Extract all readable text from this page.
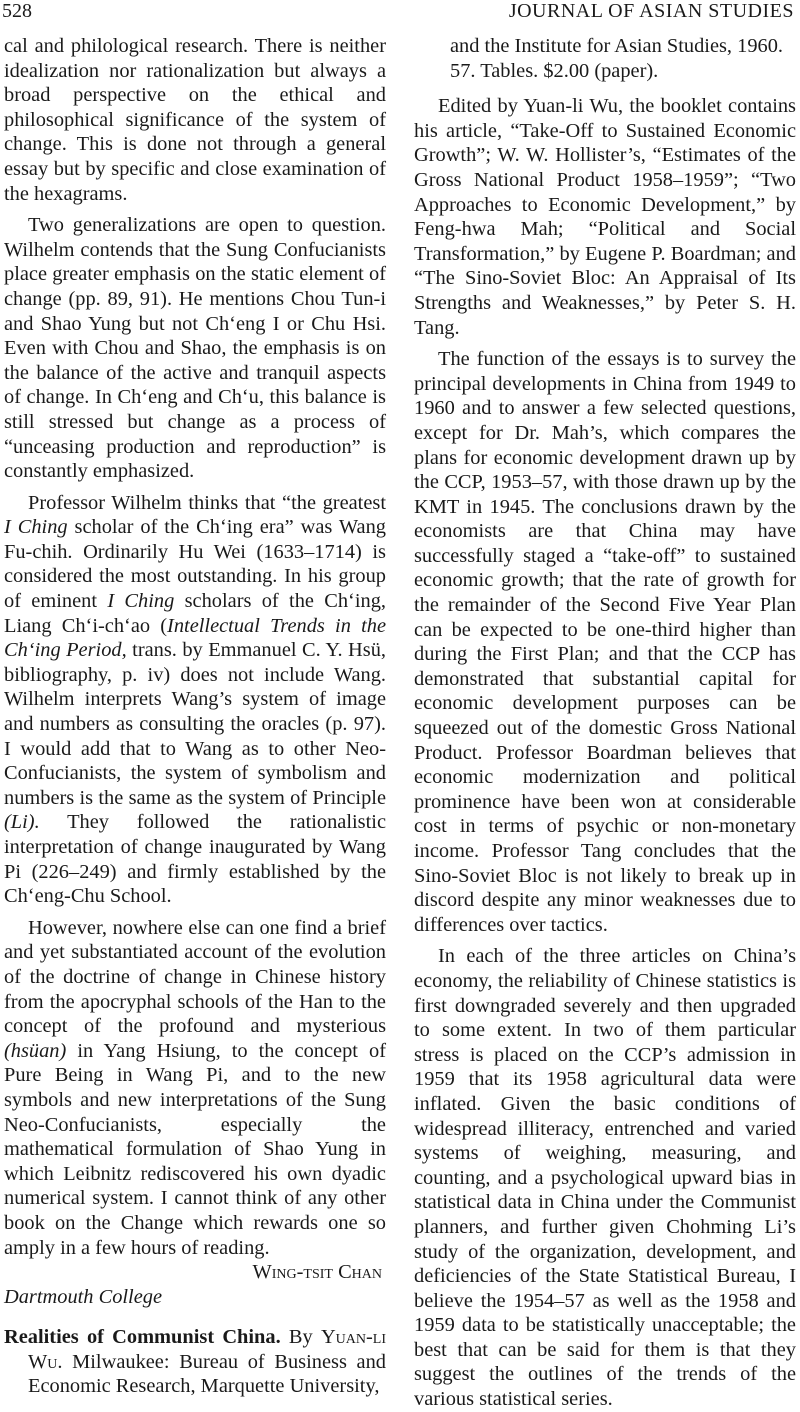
528	JOURNAL OF ASIAN STUDIES

cal and philological research. There is neither idealization nor rationalization but always a broad perspective on the ethical and philosophical significance of the system of change. This is done not through a general essay but by specific and close examination of the hexagrams.

Two generalizations are open to question. Wilhelm contends that the Sung Confucianists place greater emphasis on the static element of change (pp. 89, 91). He mentions Chou Tun-i and Shao Yung but not Ch‘eng I or Chu Hsi. Even with Chou and Shao, the emphasis is on the balance of the active and tranquil aspects of change. In Ch‘eng and Ch‘u, this balance is still stressed but change as a process of “unceasing production and reproduction” is constantly emphasized.

Professor Wilhelm thinks that “the greatest I Ching scholar of the Ch‘ing era” was Wang Fu-chih. Ordinarily Hu Wei (1633–1714) is considered the most outstanding. In his group of eminent I Ching scholars of the Ch‘ing, Liang Ch‘i-ch‘ao (Intellectual Trends in the Ch‘ing Period, trans. by Emmanuel C. Y. Hsü, bibliography, p. iv) does not include Wang. Wilhelm interprets Wang’s system of image and numbers as consulting the oracles (p. 97). I would add that to Wang as to other Neo-Confucianists, the system of symbolism and numbers is the same as the system of Principle (Li). They followed the rationalistic interpretation of change inaugurated by Wang Pi (226–249) and firmly established by the Ch‘eng-Chu School.

However, nowhere else can one find a brief and yet substantiated account of the evolution of the doctrine of change in Chinese history from the apocryphal schools of the Han to the concept of the profound and mysterious (hsüan) in Yang Hsiung, to the concept of Pure Being in Wang Pi, and to the new symbols and new interpretations of the Sung Neo-Confucianists, especially the mathematical formulation of Shao Yung in which Leibnitz rediscovered his own dyadic numerical system. I cannot think of any other book on the Change which rewards one so amply in a few hours of reading.

Wing-tsit Chan

Dartmouth College

Realities of Communist China. By Yuan-li Wu. Milwaukee: Bureau of Business and Economic Research, Marquette University,

and the Institute for Asian Studies, 1960.

57. Tables. $2.00 (paper).

Edited by Yuan-li Wu, the booklet contains his article, “Take-Off to Sustained Economic Growth”; W. W. Hollister’s, “Estimates of the Gross National Product 1958–1959”; “Two Approaches to Economic Development,” by Feng-hwa Mah; “Political and Social Transformation,” by Eugene P. Boardman; and “The Sino-Soviet Bloc: An Appraisal of Its Strengths and Weaknesses,” by Peter S. H. Tang.

The function of the essays is to survey the principal developments in China from 1949 to 1960 and to answer a few selected questions, except for Dr. Mah’s, which compares the plans for economic development drawn up by the CCP, 1953–57, with those drawn up by the KMT in 1945. The conclusions drawn by the economists are that China may have successfully staged a “take-off” to sustained economic growth; that the rate of growth for the remainder of the Second Five Year Plan can be expected to be one-third higher than during the First Plan; and that the CCP has demonstrated that substantial capital for economic development purposes can be squeezed out of the domestic Gross National Product. Professor Boardman believes that economic modernization and political prominence have been won at considerable cost in terms of psychic or non-monetary income. Professor Tang concludes that the Sino-Soviet Bloc is not likely to break up in discord despite any minor weaknesses due to differences over tactics.

In each of the three articles on China’s economy, the reliability of Chinese statistics is first downgraded severely and then upgraded to some extent. In two of them particular stress is placed on the CCP’s admission in 1959 that its 1958 agricultural data were inflated. Given the basic conditions of widespread illiteracy, entrenched and varied systems of weighing, measuring, and counting, and a psychological upward bias in statistical data in China under the Communist planners, and further given Chohming Li’s study of the organization, development, and deficiencies of the State Statistical Bureau, I believe the 1954–57 as well as the 1958 and 1959 data to be statistically unacceptable; the best that can be said for them is that they suggest the outlines of the trends of the various statistical series.
